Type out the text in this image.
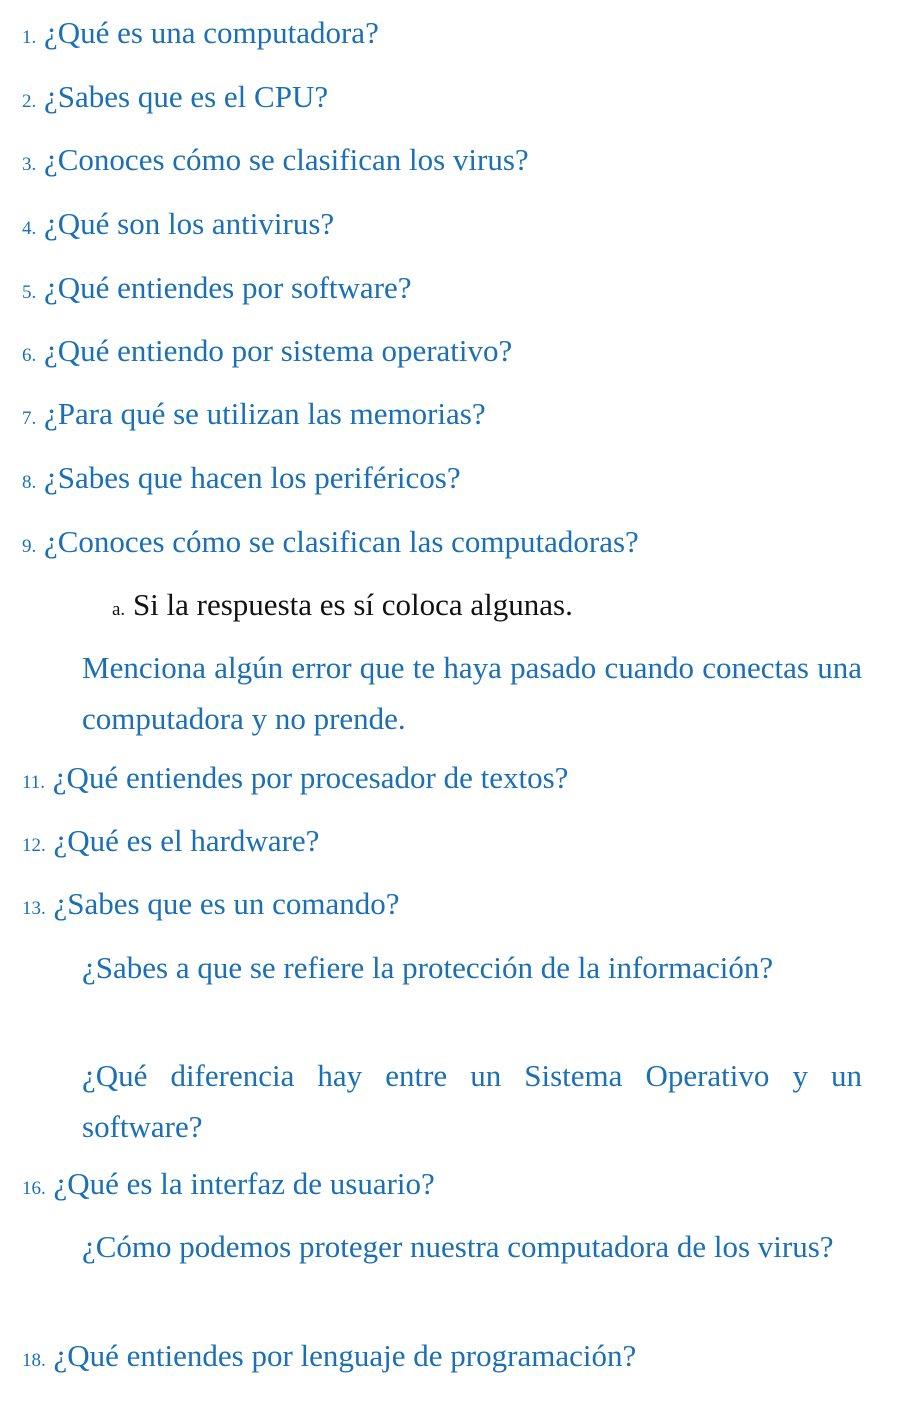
1. ¿Qué es una computadora?
2. ¿Sabes que es el CPU?
3. ¿Conoces cómo se clasifican los virus?
4. ¿Qué son los antivirus?
5. ¿Qué entiendes por software?
6. ¿Qué entiendo por sistema operativo?
7. ¿Para qué se utilizan las memorias?
8. ¿Sabes que hacen los periféricos?
9. ¿Conoces cómo se clasifican las computadoras?
a. Si la respuesta es sí coloca algunas.
Menciona algún error que te haya pasado cuando conectas una computadora y no prende.
11. ¿Qué entiendes por procesador de textos?
12. ¿Qué es el hardware?
13. ¿Sabes que es un comando?
¿Sabes a que se refiere la protección de la información?
¿Qué diferencia hay entre un Sistema Operativo y un software?
16. ¿Qué es la interfaz de usuario?
¿Cómo podemos proteger nuestra computadora de los virus?
18. ¿Qué entiendes por lenguaje de programación?
